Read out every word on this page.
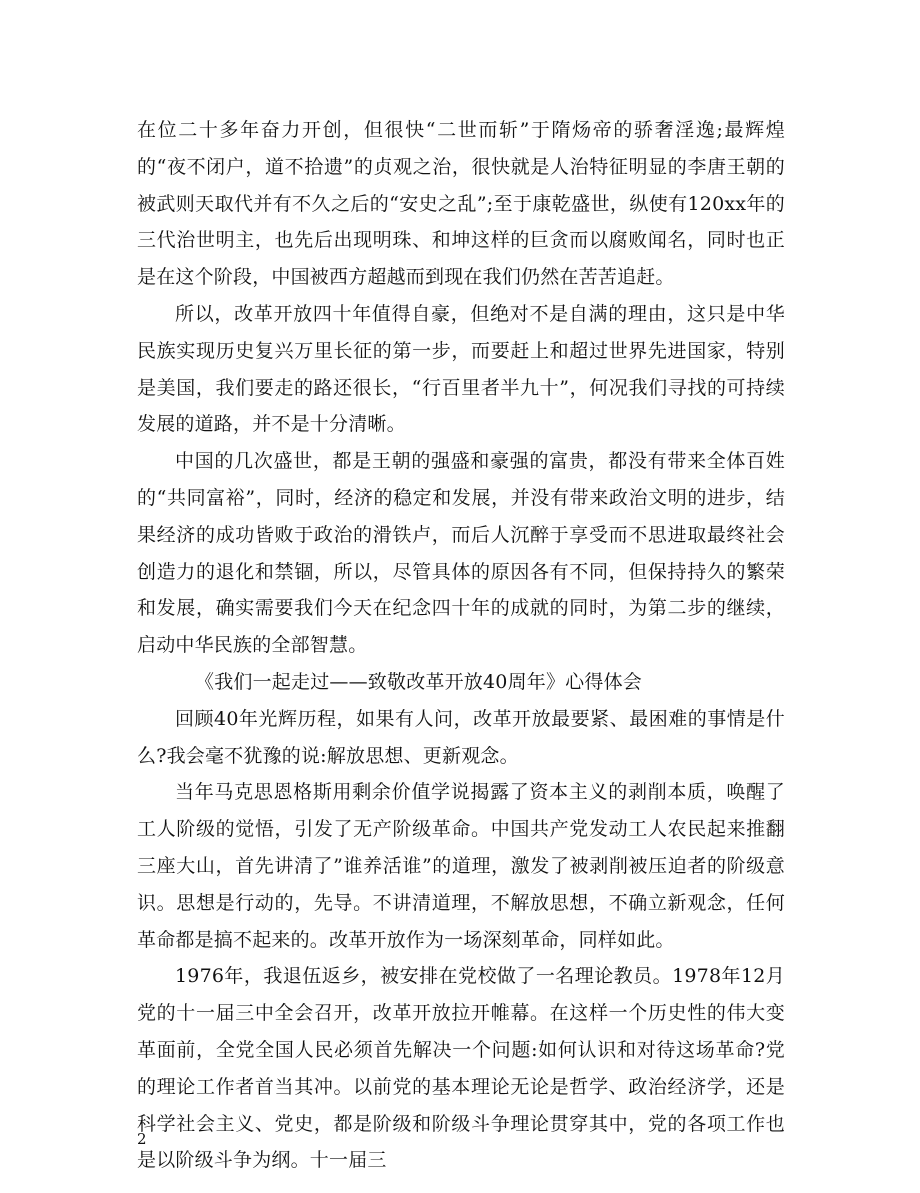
在位二十多年奋力开创，但很快“二世而斩”于隋炀帝的骄奢淫逸;最辉煌的“夜不闭户，道不拾遗”的贞观之治，很快就是人治特征明显的李唐王朝的被武则天取代并有不久之后的“安史之乱”;至于康乾盛世，纵使有120xx年的三代治世明主，也先后出现明珠、和坤这样的巨贪而以腐败闻名，同时也正是在这个阶段，中国被西方超越而到现在我们仍然在苦苦追赶。

所以，改革开放四十年值得自豪，但绝对不是自满的理由，这只是中华民族实现历史复兴万里长征的第一步，而要赶上和超过世界先进国家，特别是美国，我们要走的路还很长，“行百里者半九十”，何况我们寻找的可持续发展的道路，并不是十分清晰。

中国的几次盛世，都是王朝的强盛和豪强的富贵，都没有带来全体百姓的“共同富裕”，同时，经济的稳定和发展，并没有带来政治文明的进步，结果经济的成功皆败于政治的滑铁卢，而后人沉醉于享受而不思进取最终社会创造力的退化和禁锢，所以，尽管具体的原因各有不同，但保持持久的繁荣和发展，确实需要我们今天在纪念四十年的成就的同时，为第二步的继续，启动中华民族的全部智慧。

《我们一起走过——致敬改革开放40周年》心得体会

回顾40年光辉历程，如果有人问，改革开放最要紧、最困难的事情是什么?我会毫不犹豫的说:解放思想、更新观念。

当年马克思恩格斯用剩余价值学说揭露了资本主义的剥削本质，唤醒了工人阶级的觉悟，引发了无产阶级革命。中国共产党发动工人农民起来推翻三座大山，首先讲清了”谁养活谁”的道理，激发了被剥削被压迫者的阶级意识。思想是行动的，先导。不讲清道理，不解放思想，不确立新观念，任何革命都是搞不起来的。改革开放作为一场深刻革命，同样如此。

1976年，我退伍返乡，被安排在党校做了一名理论教员。1978年12月党的十一届三中全会召开，改革开放拉开帷幕。在这样一个历史性的伟大变革面前，全党全国人民必须首先解决一个问题:如何认识和对待这场革命?党的理论工作者首当其冲。以前党的基本理论无论是哲学、政治经济学，还是科学社会主义、党史，都是阶级和阶级斗争理论贯穿其中，党的各项工作也是以阶级斗争为纲。十一届三

2
